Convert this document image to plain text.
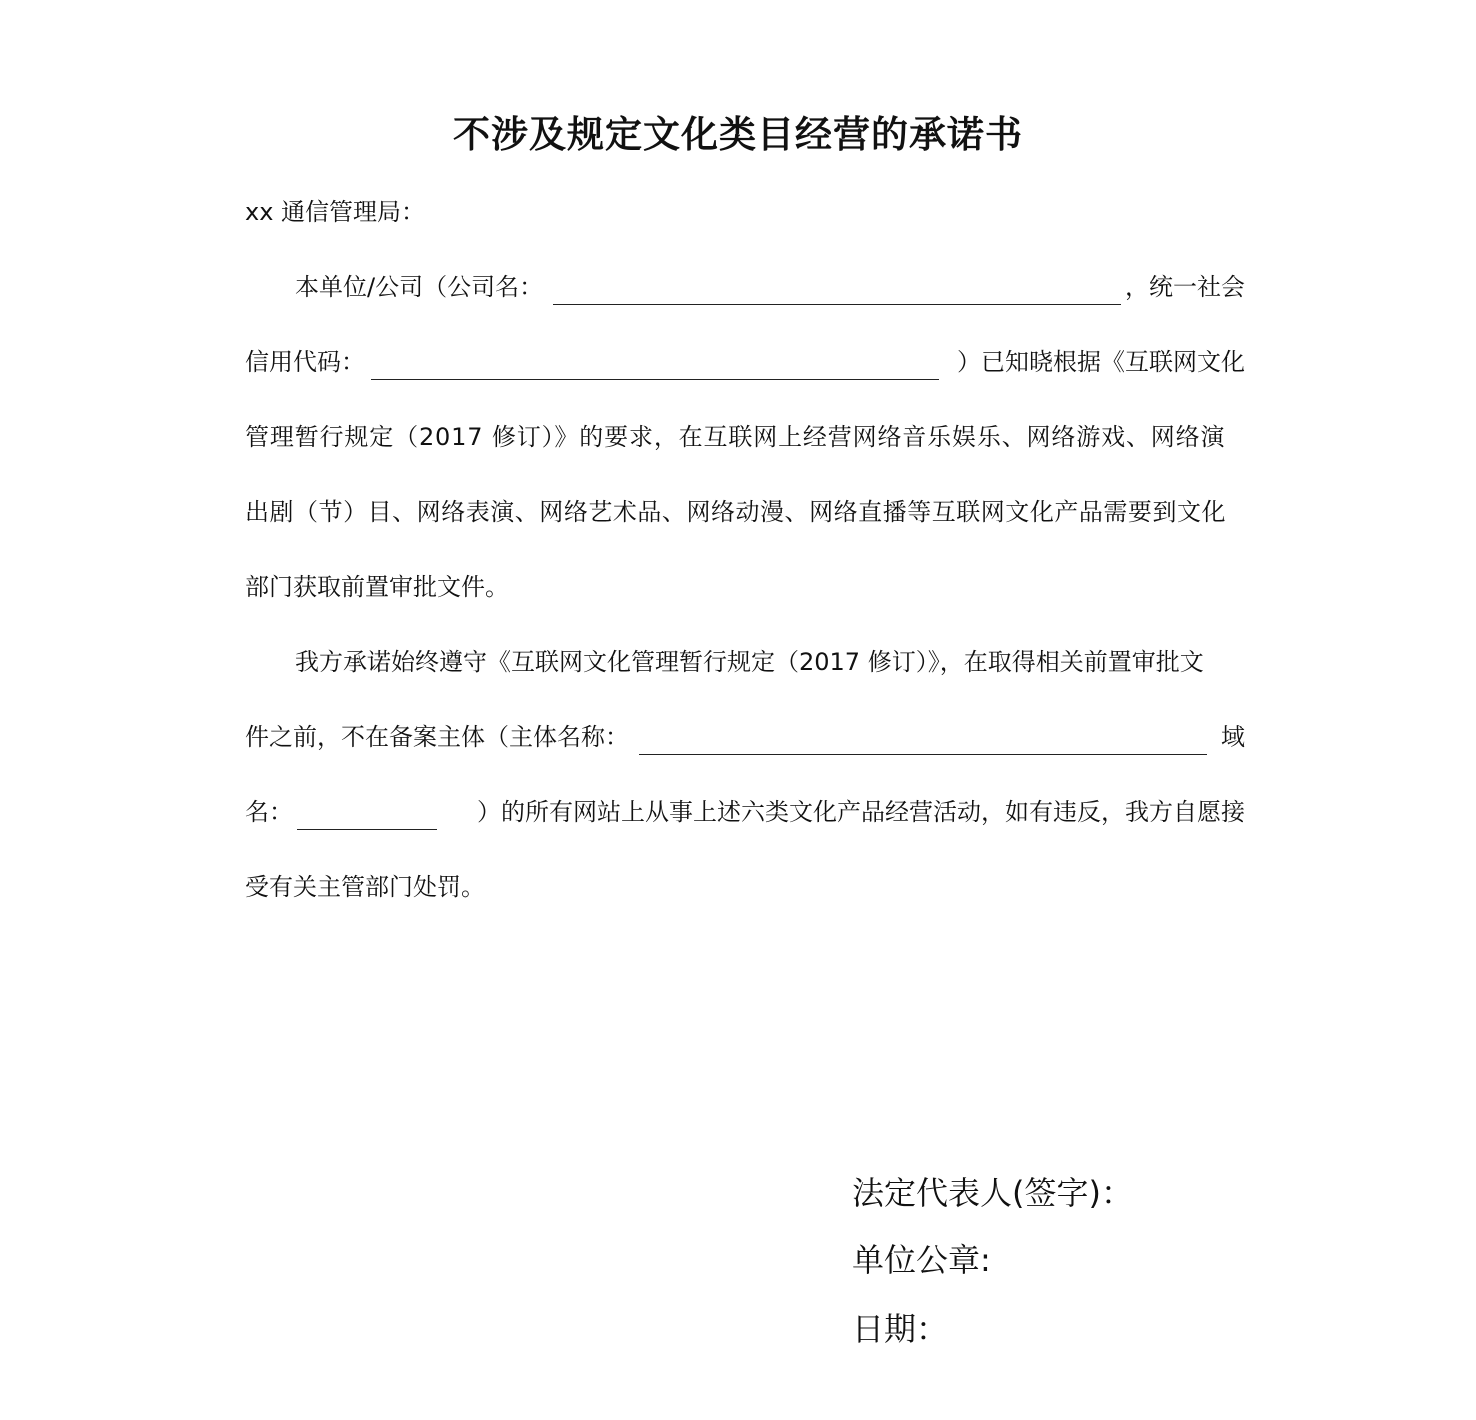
不涉及规定文化类目经营的承诺书
xx 通信管理局：
本单位/公司（公司名：	，统一社会
信用代码：	）已知晓根据《互联网文化
管理暂行规定（2017 修订）》的要求，在互联网上经营网络音乐娱乐、网络游戏、网络演
出剧（节）目、网络表演、网络艺术品、网络动漫、网络直播等互联网文化产品需要到文化
部门获取前置审批文件。
我方承诺始终遵守《互联网文化管理暂行规定（2017 修订）》，在取得相关前置审批文
件之前，不在备案主体（主体名称：	域
名：	）的所有网站上从事上述六类文化产品经营活动，如有违反，我方自愿接
受有关主管部门处罚。
法定代表人(签字)：
单位公章:
日期：
